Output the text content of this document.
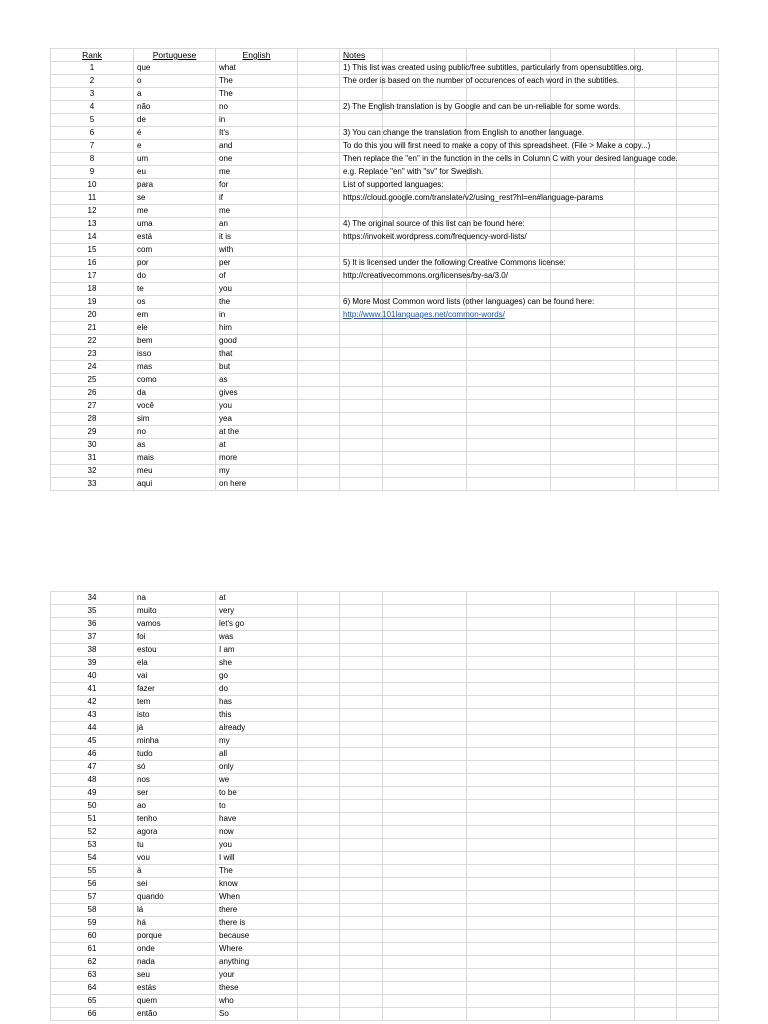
Rank	Portuguese	English		Notes					
1	que	what		1) This list was created using public/free subtitles, particularly from opensubtitles.org.					
2	o	The		The order is based on the number of occurences of each word in the subtitles.					
3	a	The							
4	não	no		2) The English translation is by Google and can be un-reliable for some words.					
5	de	in							
6	é	It's		3) You can change the translation from English to another language.					
7	e	and		To do this you will first need to make a copy of this spreadsheet. (File > Make a copy...)					
8	um	one		Then replace the "en" in the function in the cells in Column C with your desired language code.					
9	eu	me		e.g. Replace "en" with "sv" for Swedish.					
10	para	for		List of supported languages:					
11	se	if		https://cloud.google.com/translate/v2/using_rest?hl=en#language-params					
12	me	me							
13	uma	an		4) The original source of this list can be found here:					
14	está	it is		https://invokeit.wordpress.com/frequency-word-lists/					
15	com	with							
16	por	per		5) It is licensed under the following Creative Commons license:					
17	do	of		http://creativecommons.org/licenses/by-sa/3.0/					
18	te	you							
19	os	the		6) More Most Common word lists (other languages) can be found here:					
20	em	in		http://www.101languages.net/common-words/					
21	ele	him							
22	bem	good							
23	isso	that							
24	mas	but							
25	como	as							
26	da	gives							
27	você	you							
28	sim	yea							
29	no	at the							
30	as	at							
31	mais	more							
32	meu	my							
33	aqui	on here							
34	na	at							
35	muito	very							
36	vamos	let's go							
37	foi	was							
38	estou	I am							
39	ela	she							
40	vai	go							
41	fazer	do							
42	tem	has							
43	isto	this							
44	já	already							
45	minha	my							
46	tudo	all							
47	só	only							
48	nos	we							
49	ser	to be							
50	ao	to							
51	tenho	have							
52	agora	now							
53	tu	you							
54	vou	I will							
55	à	The							
56	sei	know							
57	quando	When							
58	lá	there							
59	há	there is							
60	porque	because							
61	onde	Where							
62	nada	anything							
63	seu	your							
64	estás	these							
65	quem	who							
66	então	So							
